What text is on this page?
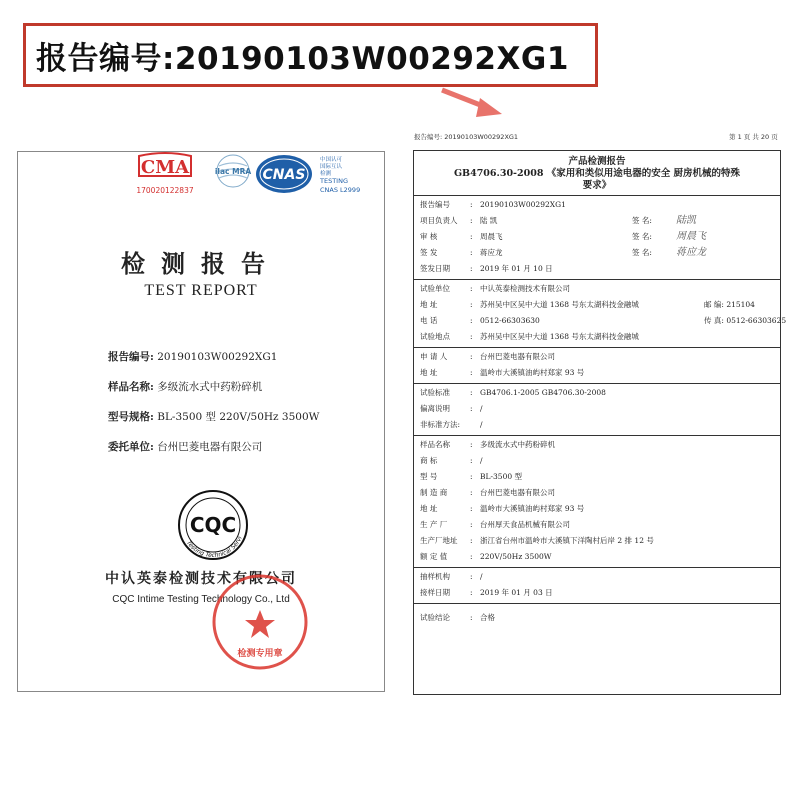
报告编号:20190103W00292XG1
CMA
170020122837
ilac MRA CNAS
中国认可
国际互认
检测
TESTING
CNAS L2999
检测报告
TEST REPORT
报告编号: 20190103W00292XG1
样品名称: 多级流水式中药粉碎机
型号规格: BL-3500 型 220V/50Hz 3500W
委托单位: 台州巴菱电器有限公司
CQC
Testing Technical Servi
中认英泰检测技术有限公司
CQC Intime Testing Technology Co., Ltd
检测专用章
报告编号: 20190103W00292XG1	第 1 页 共 20 页
产品检测报告
GB4706.30-2008 《家用和类似用途电器的安全 厨房机械的特殊
要求》
报告编号	: 20190103W00292XG1
项目负责人 : 陆 凯	签 名: 陆凯
审 核	: 周晨飞	签 名: 周晨飞
签 发	: 蒋应龙	签 名: 蒋应龙
签发日期	: 2019 年 01 月 10 日
试验单位	: 中认英泰检测技术有限公司
地 址	: 苏州吴中区吴中大道 1368 号东太湖科技金融城	邮 编: 215104
电 话	: 0512-66303630	传 真: 0512-66303625
试验地点	: 苏州吴中区吴中大道 1368 号东太湖科技金融城
申 请 人	: 台州巴菱电器有限公司
地 址	: 温岭市大溪镇油屿村郑家 93 号
试验标准	: GB4706.1-2005 GB4706.30-2008
偏离说明	: /
非标准方法:	/
样品名称	: 多级流水式中药粉碎机
商 标	: /
型 号	: BL-3500 型
制 造 商	: 台州巴菱电器有限公司
地 址	: 温岭市大溪镇油屿村郑家 93 号
生 产 厂	: 台州厚天食品机械有限公司
生产厂地址 : 浙江省台州市温岭市大溪镇下洋陶村后岸 2 排 12 号
额 定 值	: 220V/50Hz 3500W
抽样机构	: /
接样日期	: 2019 年 01 月 03 日
试验结论	: 合格
